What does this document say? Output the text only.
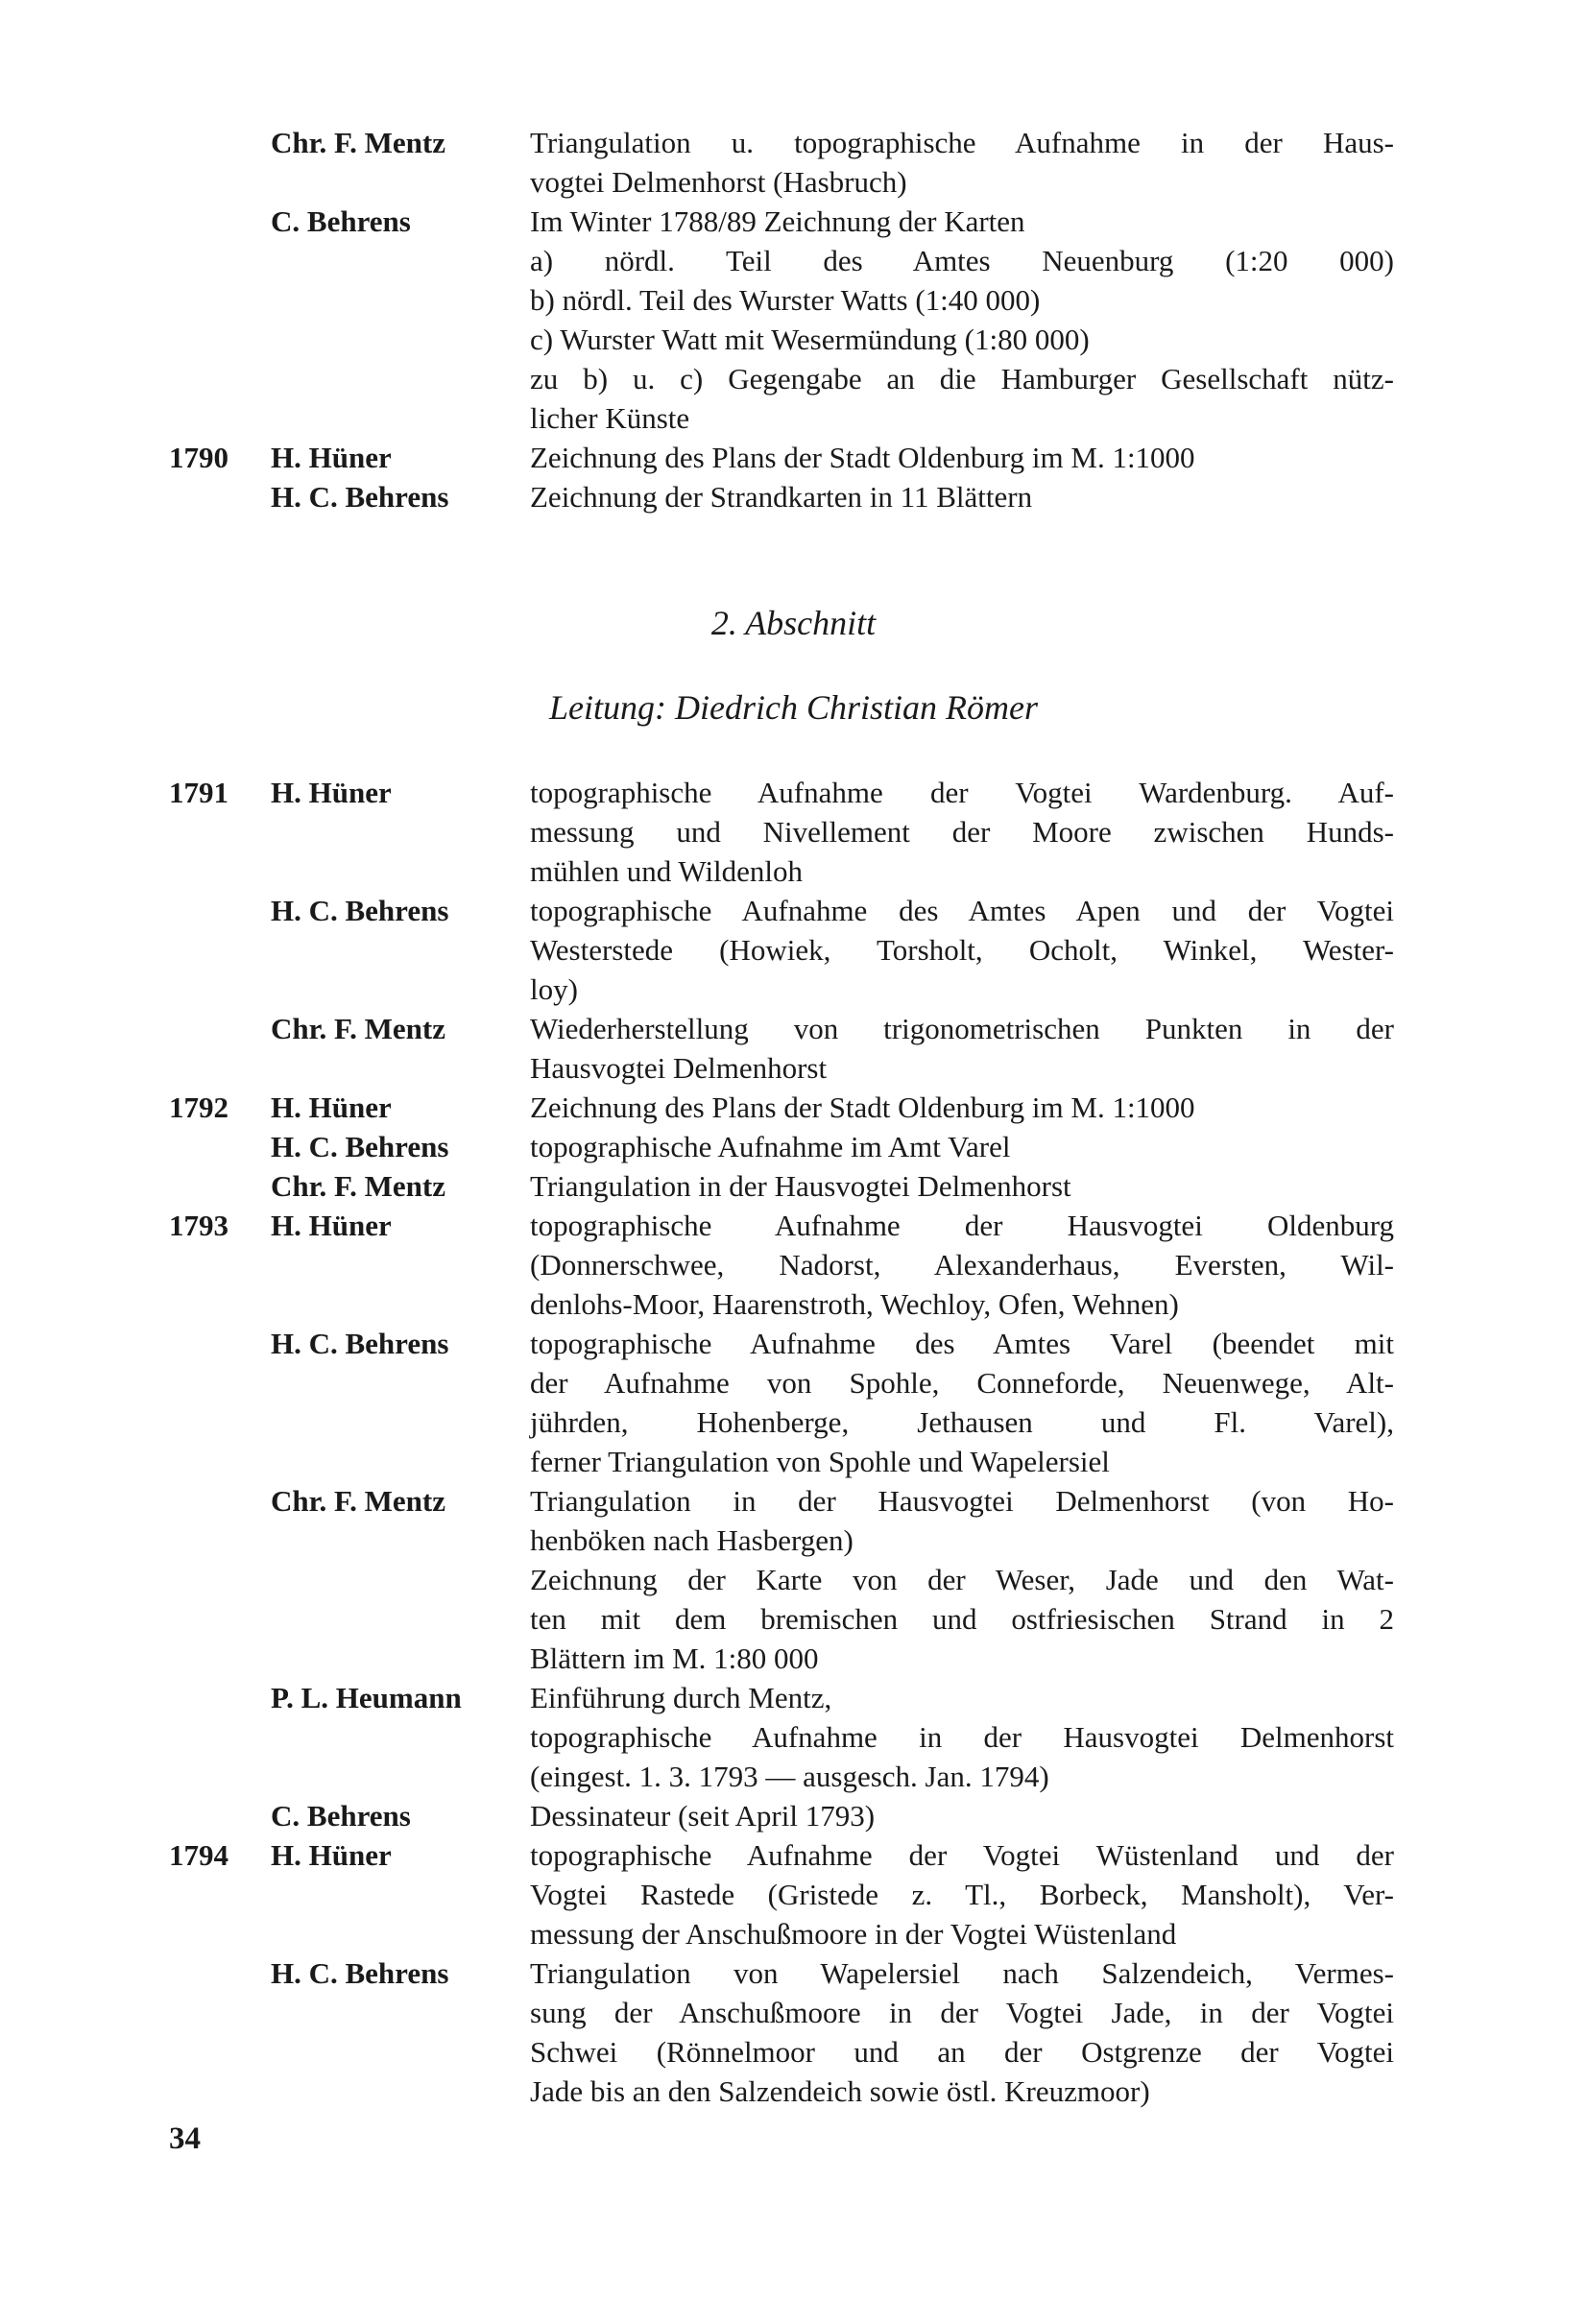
Chr. F. Mentz	Triangulation u. topographische Aufnahme in der Haus-
vogtei Delmenhorst (Hasbruch)
C. Behrens	Im Winter 1788/89 Zeichnung der Karten
a) nördl. Teil des Amtes Neuenburg (1:20 000)
b) nördl. Teil des Wurster Watts (1:40 000)
c) Wurster Watt mit Wesermündung (1:80 000)
zu b) u. c) Gegengabe an die Hamburger Gesellschaft nütz-
licher Künste
1790	H. Hüner	Zeichnung des Plans der Stadt Oldenburg im M. 1:1000
H. C. Behrens	Zeichnung der Strandkarten in 11 Blättern
2. Abschnitt
Leitung: Diedrich Christian Römer
1791	H. Hüner	topographische Aufnahme der Vogtei Wardenburg. Auf-
messung und Nivellement der Moore zwischen Hunds-
mühlen und Wildenloh
H. C. Behrens	topographische Aufnahme des Amtes Apen und der Vogtei
Westerstede (Howiek, Torsholt, Ocholt, Winkel, Wester-
loy)
Chr. F. Mentz	Wiederherstellung von trigonometrischen Punkten in der
Hausvogtei Delmenhorst
1792	H. Hüner	Zeichnung des Plans der Stadt Oldenburg im M. 1:1000
H. C. Behrens	topographische Aufnahme im Amt Varel
Chr. F. Mentz	Triangulation in der Hausvogtei Delmenhorst
1793	H. Hüner	topographische Aufnahme der Hausvogtei Oldenburg
(Donnerschwee, Nadorst, Alexanderhaus, Eversten, Wil-
denlohs-Moor, Haarenstroth, Wechloy, Ofen, Wehnen)
H. C. Behrens	topographische Aufnahme des Amtes Varel (beendet mit
der Aufnahme von Spohle, Conneforde, Neuenwege, Alt-
jührden, Hohenberge, Jethausen und Fl. Varel),
ferner Triangulation von Spohle und Wapelersiel
Chr. F. Mentz	Triangulation in der Hausvogtei Delmenhorst (von Ho-
henböken nach Hasbergen)
Zeichnung der Karte von der Weser, Jade und den Wat-
ten mit dem bremischen und ostfriesischen Strand in 2
Blättern im M. 1:80 000
P. L. Heumann	Einführung durch Mentz,
topographische Aufnahme in der Hausvogtei Delmenhorst
(eingest. 1. 3. 1793 — ausgesch. Jan. 1794)
C. Behrens	Dessinateur (seit April 1793)
1794	H. Hüner	topographische Aufnahme der Vogtei Wüstenland und der
Vogtei Rastede (Gristede z. Tl., Borbeck, Mansholt), Ver-
messung der Anschußmoore in der Vogtei Wüstenland
H. C. Behrens	Triangulation von Wapelersiel nach Salzendeich, Vermes-
sung der Anschußmoore in der Vogtei Jade, in der Vogtei
Schwei (Rönnelmoor und an der Ostgrenze der Vogtei
Jade bis an den Salzendeich sowie östl. Kreuzmoor)
34
